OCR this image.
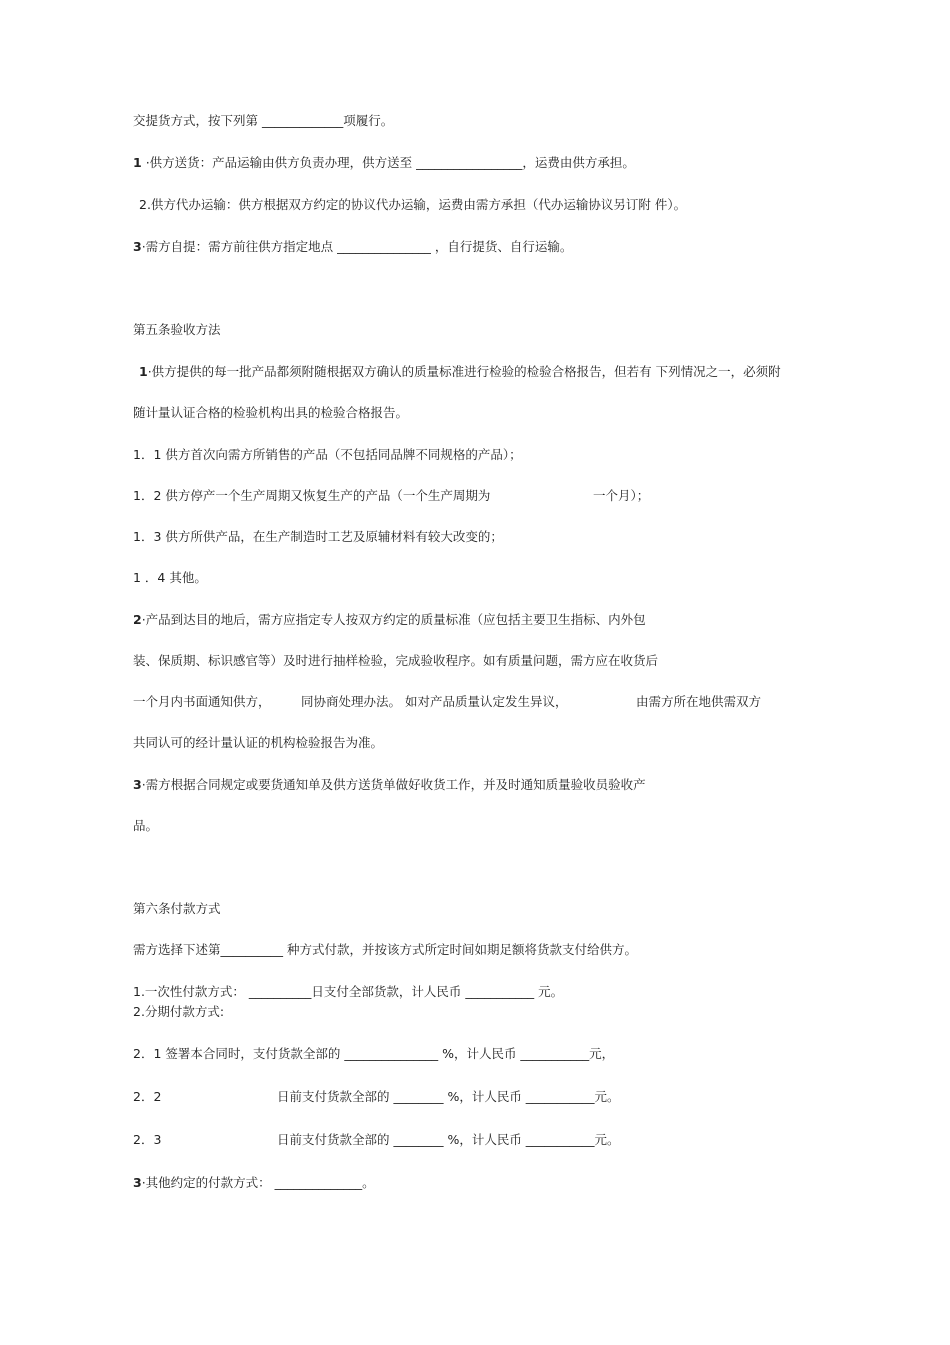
交提货方式，按下列第 _____________项履行。
1 ·供方送货：产品运输由供方负责办理，供方送至 _________________，运费由供方承担。
2.供方代办运输：供方根据双方约定的协议代办运输，运费由需方承担（代办运输协议另订附 件）。
3·需方自提：需方前往供方指定地点 _______________ ，自行提货、自行运输。
第五条验收方法
1·供方提供的每一批产品都须附随根据双方确认的质量标准进行检验的检验合格报告，但若有 下列情况之一，必须附
随计量认证合格的检验机构出具的检验合格报告。
1．1 供方首次向需方所销售的产品（不包括同品牌不同规格的产品）；
1．2 供方停产一个生产周期又恢复生产的产品（一个生产周期为	一个月）；
1．3 供方所供产品，在生产制造时工艺及原辅材料有较大改变的；
1 ．4 其他。
2·产品到达目的地后，需方应指定专人按双方约定的质量标准（应包括主要卫生指标、内外包
装、保质期、标识感官等）及时进行抽样检验，完成验收程序。如有质量问题，需方应在收货后
一个月内书面通知供方， 同协商处理办法。 如对产品质量认定发生异议，	由需方所在地供需双方
共同认可的经计量认证的机构检验报告为准。
3·需方根据合同规定或要货通知单及供方送货单做好收货工作，并及时通知质量验收员验收产
品。
第六条付款方式
需方选择下述第__________ 种方式付款，并按该方式所定时间如期足额将货款支付给供方。
1.一次性付款方式： __________日支付全部货款，计人民币 ___________ 元。
2.分期付款方式:
2．1 签署本合同时，支付货款全部的 _______________ %，计人民币 ___________元，
2．2	日前支付货款全部的 ________ %，计人民币 ___________元。
2．3	日前支付货款全部的 ________ %，计人民币 ___________元。
3·其他约定的付款方式： ______________。
